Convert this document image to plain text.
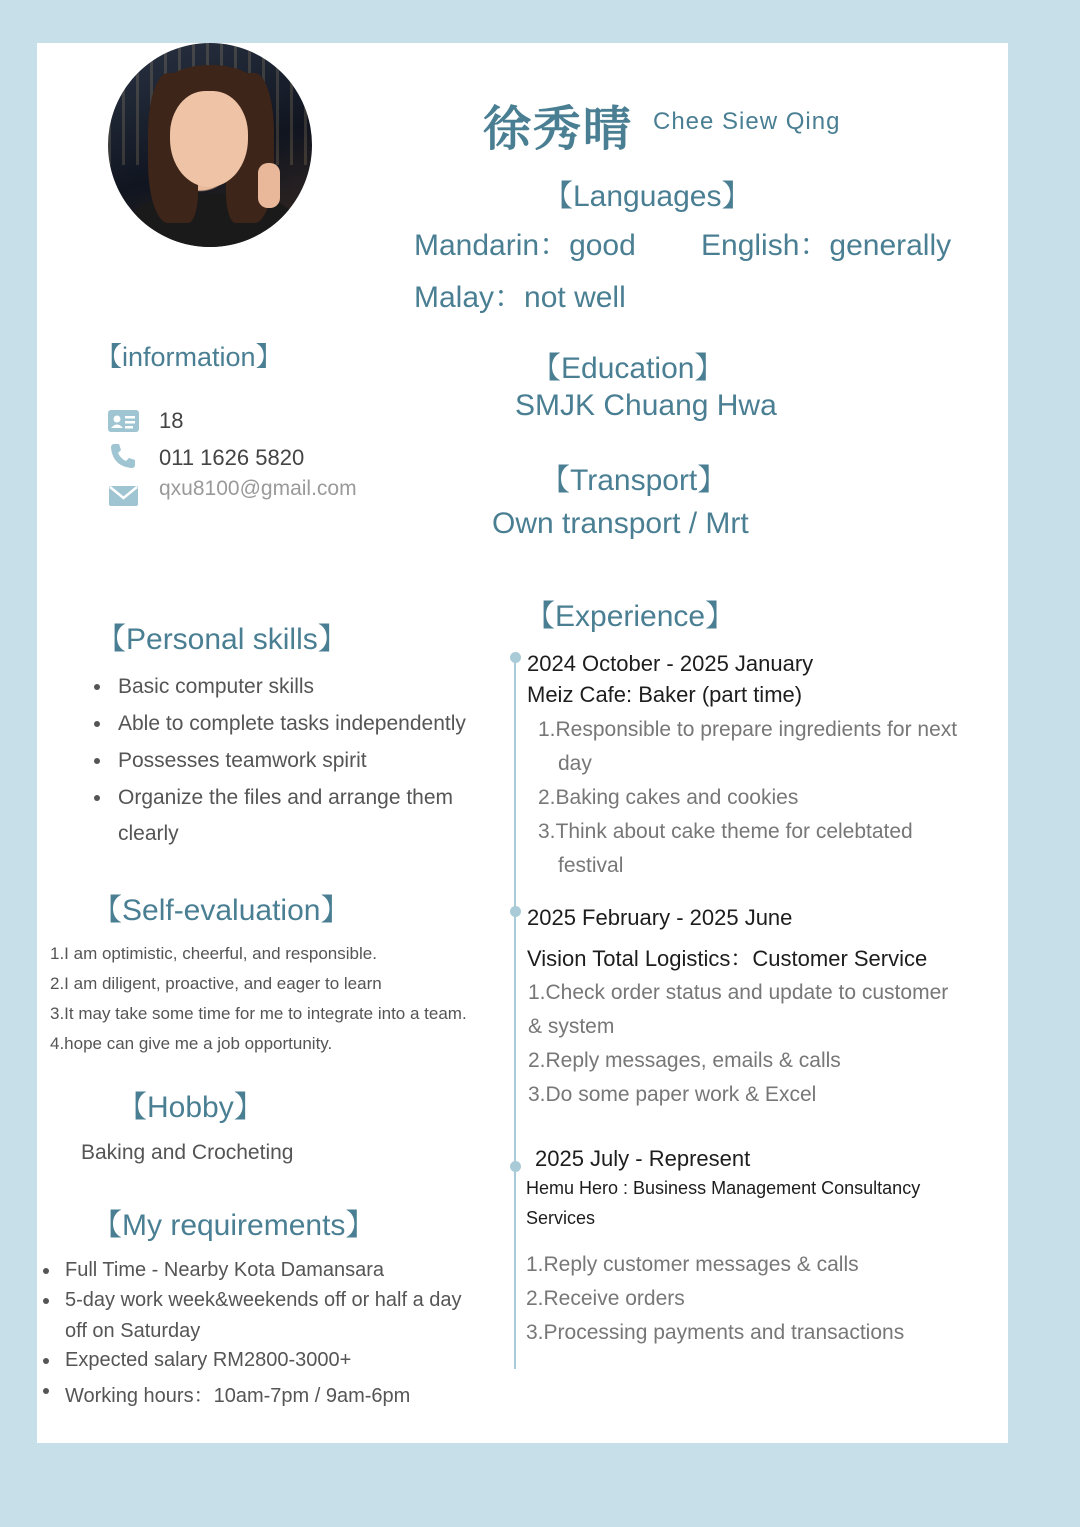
徐秀晴 Chee Siew Qing
【Languages】
Mandarin：good English：generally
Malay：not well
【information】
18
011 1626 5820
qxu8100@gmail.com
【Education】
SMJK Chuang Hwa
【Transport】
Own transport / Mrt
【Personal skills】
Basic computer skills
Able to complete tasks independently
Possesses teamwork spirit
Organize the files and arrange them
clearly
【Self-evaluation】
1.I am optimistic, cheerful, and responsible.
2.I am diligent, proactive, and eager to learn
3.It may take some time for me to integrate into a team.
4.hope can give me a job opportunity.
【Hobby】
Baking and Crocheting
【My requirements】
Full Time - Nearby Kota Damansara
5-day work week&weekends off or half a day
off on Saturday
Expected salary RM2800-3000+
Working hours：10am-7pm / 9am-6pm
【Experience】
2024 October - 2025 January
Meiz Cafe: Baker (part time)
1.Responsible to prepare ingredients for next
day
2.Baking cakes and cookies
3.Think about cake theme for celebtated
festival
2025 February - 2025 June
Vision Total Logistics：Customer Service
1.Check order status and update to customer
& system
2.Reply messages, emails & calls
3.Do some paper work & Excel
2025 July - Represent
Hemu Hero : Business Management Consultancy
Services
1.Reply customer messages & calls
2.Receive orders
3.Processing payments and transactions
